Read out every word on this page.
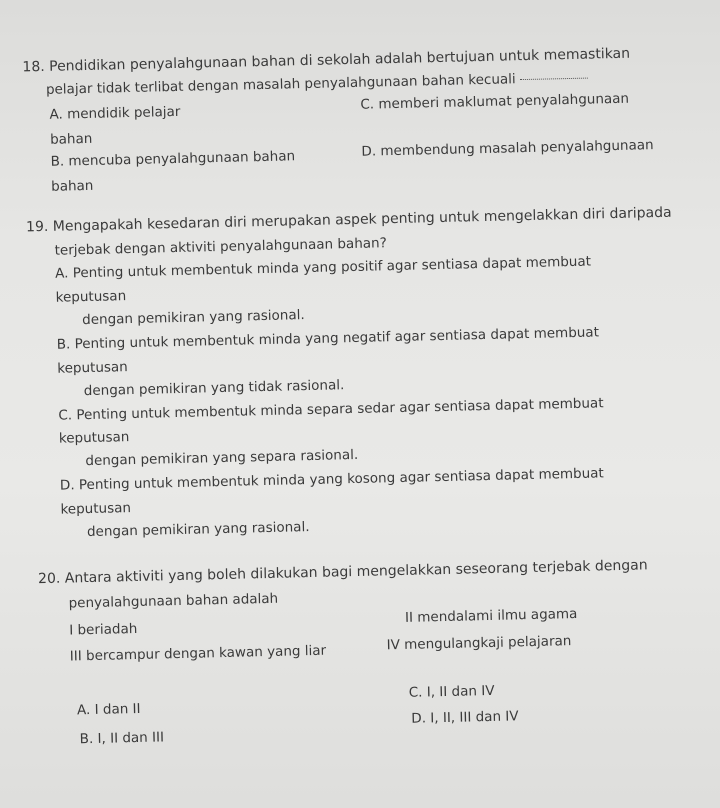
18. Pendidikan penyalahgunaan bahan di sekolah adalah bertujuan untuk memastikan
pelajar tidak terlibat dengan masalah penyalahgunaan bahan kecuali
A. mendidik pelajar
C. memberi maklumat penyalahgunaan
bahan
B. mencuba penyalahgunaan bahan	D. membendung masalah penyalahgunaan
bahan
19. Mengapakah kesedaran diri merupakan aspek penting untuk mengelakkan diri daripada
terjebak dengan aktiviti penyalahgunaan bahan?
A. Penting untuk membentuk minda yang positif agar sentiasa dapat membuat
keputusan
dengan pemikiran yang rasional.
B. Penting untuk membentuk minda yang negatif agar sentiasa dapat membuat
keputusan
dengan pemikiran yang tidak rasional.
C. Penting untuk membentuk minda separa sedar agar sentiasa dapat membuat
keputusan
dengan pemikiran yang separa rasional.
D. Penting untuk membentuk minda yang kosong agar sentiasa dapat membuat
keputusan
dengan pemikiran yang rasional.
20. Antara aktiviti yang boleh dilakukan bagi mengelakkan seseorang terjebak dengan
penyalahgunaan bahan adalah
I beriadah
II mendalami ilmu agama
III bercampur dengan kawan yang liar	IV mengulangkaji pelajaran
C. I, II dan IV
A. I dan II	D. I, II, III dan IV
B. I, II dan III
